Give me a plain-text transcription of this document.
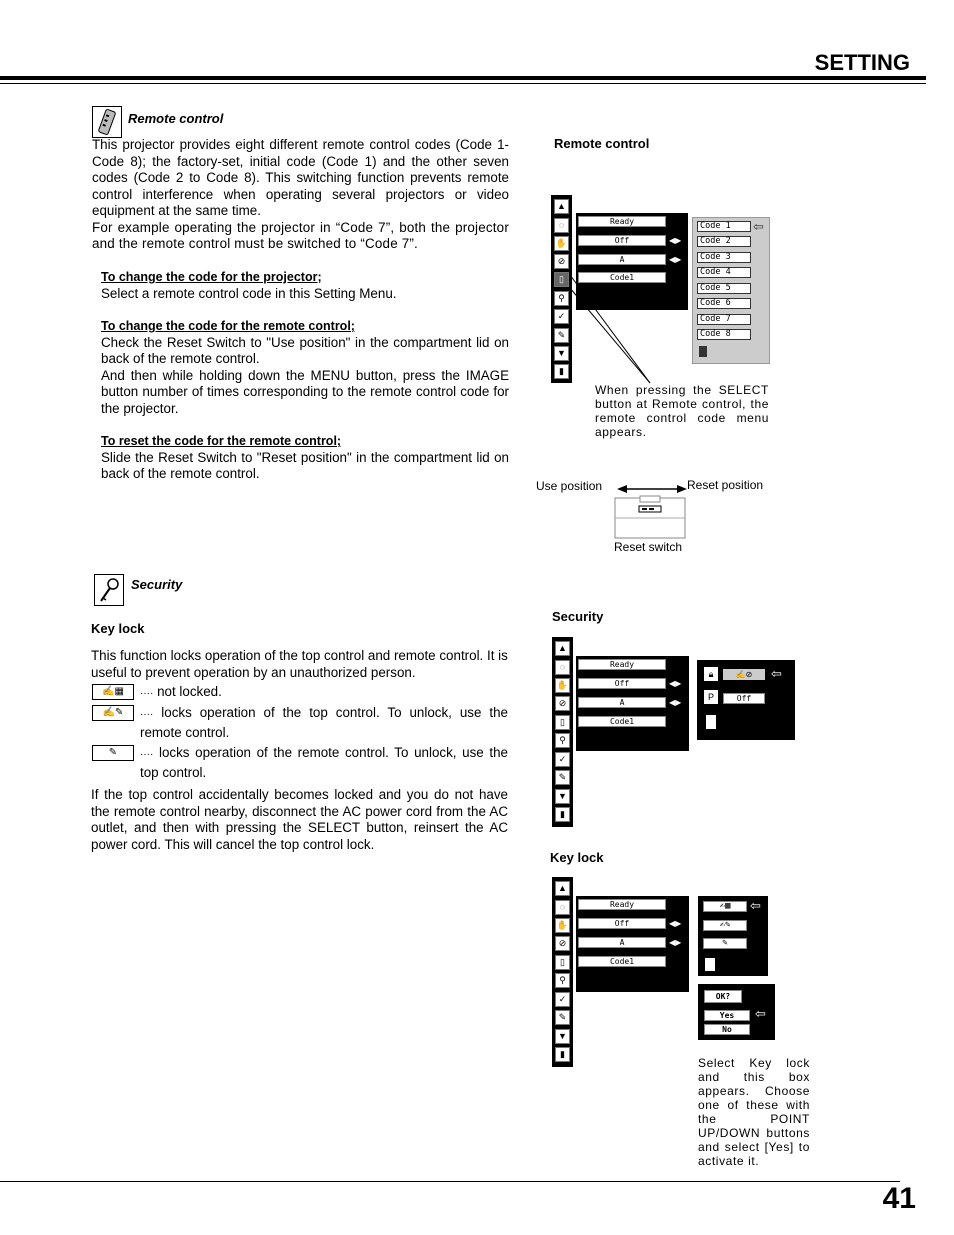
SETTING
Remote control

This projector provides eight different remote control codes (Code 1-Code 8); the factory-set, initial code (Code 1) and the other seven codes (Code 2 to Code 8). This switching function prevents remote control interference when operating several projectors or video equipment at the same time.

For example operating the projector in “Code 7”, both the projector and the remote control must be switched to “Code 7”.

To change the code for the projector;

Select a remote control code in this Setting Menu.

To change the code for the remote control;

Check the Reset Switch to "Use position" in the compartment lid on back of the remote control.

And then while holding down the MENU button, press the IMAGE button number of times corresponding to the remote control code for the projector.

To reset the code for the remote control;

Slide the Reset Switch to "Reset position" in the compartment lid on back of the remote control.

Security
Key lock
This function locks operation of the top control and remote control. It is useful to prevent operation by an unauthorized person.
✍▦	···· not locked.
✍✎	···· locks operation of the top control. To unlock, use the remote control.
✎	···· locks operation of the remote control. To unlock, use the top control.
If the top control accidentally becomes locked and you do not have the remote control nearby, disconnect the AC power cord from the AC outlet, and then with pressing the SELECT button, reinsert the AC power cord. This will cancel the top control lock.
Remote control
▲
◌
✋
⊘
▯
⚲
✓
✎
▼
▮
Ready
Off	◀▶
A	◀▶
Code1
Code 1
Code 2
Code 3
Code 4
Code 5
Code 6
Code 7
Code 8
⇦
When pressing the SELECT button at Remote control, the remote control code menu appears.
Use position	Reset position
Reset switch
Security
▲
◌
✋
⊘
▯
⚲
✓
✎
▼
▮
Ready
Off	◀▶
A	◀▶
Code1
🔒︎	✍⊘	⇦
P	Off
Key lock
▲
◌
✋
⊘
▯
⚲
✓
✎
▼
▮
Ready
Off	◀▶
A	◀▶
Code1
✍▦	⇦
✍✎
✎
OK?
Yes	⇦
No
Select Key lock and this box appears. Choose one of these with the POINT UP/DOWN buttons and select [Yes] to activate it.
41
